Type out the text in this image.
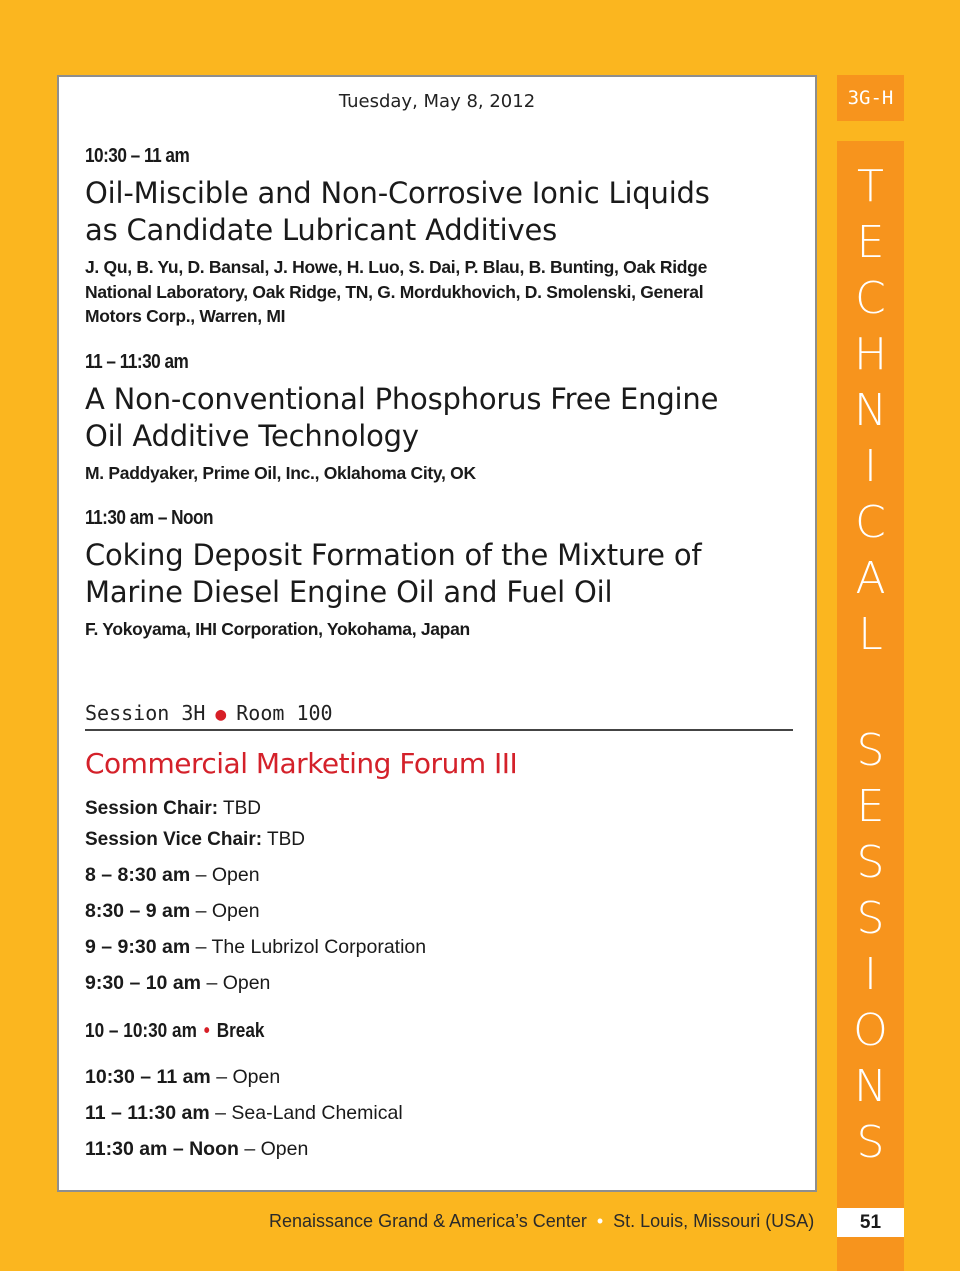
Tuesday, May 8, 2012

10:30 – 11 am

Oil-Miscible and Non-Corrosive Ionic Liquids
as Candidate Lubricant Additives
J. Qu, B. Yu, D. Bansal, J. Howe, H. Luo, S. Dai, P. Blau, B. Bunting, Oak Ridge
National Laboratory, Oak Ridge, TN, G. Mordukhovich, D. Smolenski, General
Motors Corp., Warren, MI

11 – 11:30 am

A Non-conventional Phosphorus Free Engine
Oil Additive Technology
M. Paddyaker, Prime Oil, Inc., Oklahoma City, OK

11:30 am – Noon

Coking Deposit Formation of the Mixture of
Marine Diesel Engine Oil and Fuel Oil
F. Yokoyama, IHI Corporation, Yokohama, Japan
Session 3H ● Room 100
Commercial Marketing Forum III
Session Chair: TBD
Session Vice Chair: TBD
8 – 8:30 am – Open
8:30 – 9 am – Open
9 – 9:30 am – The Lubrizol Corporation
9:30 – 10 am – Open
10 – 10:30 am • Break
10:30 – 11 am – Open
11 – 11:30 am – Sea-Land Chemical
11:30 am – Noon – Open
3G-H
T
E
C
H
N
I
C
A
L
S
E
S
S
I
O
N
S
51
Renaissance Grand & America’s Center • St. Louis, Missouri (USA)
